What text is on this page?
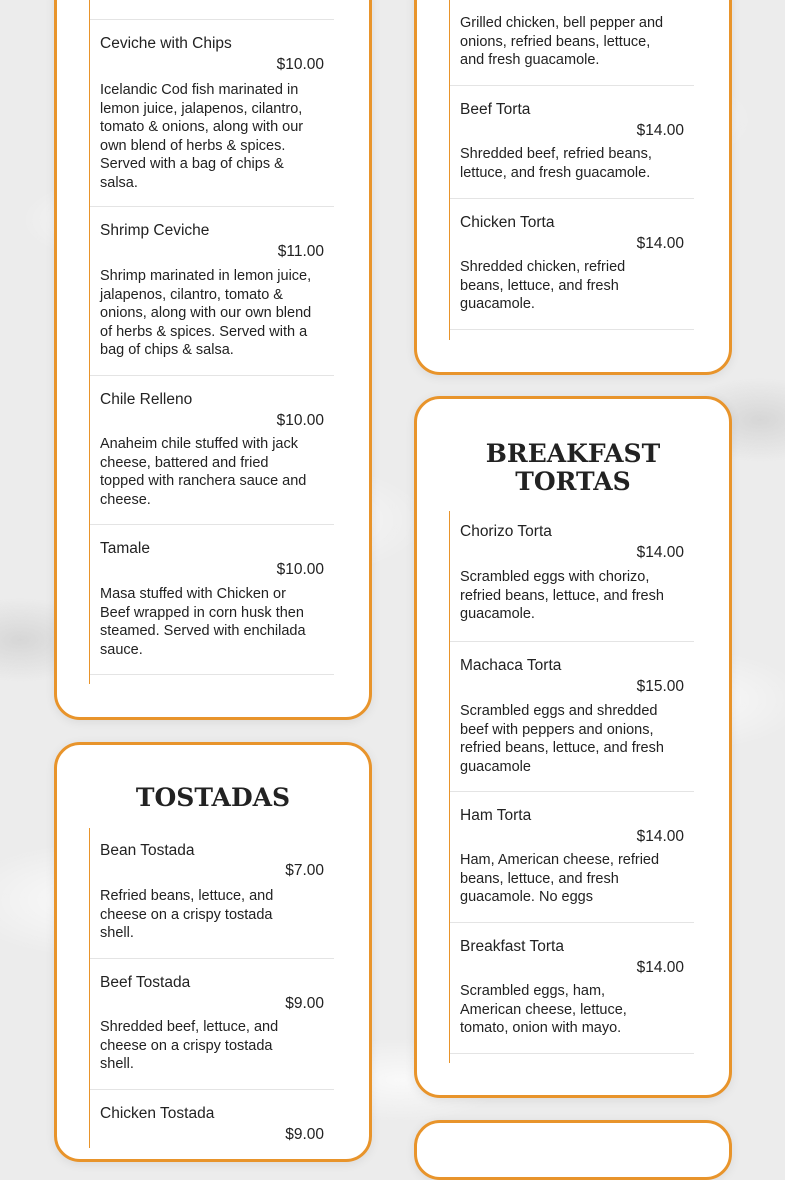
Ceviche with Chips
$10.00
Icelandic Cod fish marinated in lemon juice, jalapenos, cilantro, tomato & onions, along with our own blend of herbs & spices. Served with a bag of chips & salsa.
Shrimp Ceviche
$11.00
Shrimp marinated in lemon juice, jalapenos, cilantro, tomato & onions, along with our own blend of herbs & spices. Served with a bag of chips & salsa.
Chile Relleno
$10.00
Anaheim chile stuffed with jack cheese, battered and fried topped with ranchera sauce and cheese.
Tamale
$10.00
Masa stuffed with Chicken or Beef wrapped in corn husk then steamed. Served with enchilada sauce.
Grilled chicken, bell pepper and onions, refried beans, lettuce, and fresh guacamole.
Beef Torta
$14.00
Shredded beef, refried beans, lettuce, and fresh guacamole.
Chicken Torta
$14.00
Shredded chicken, refried beans, lettuce, and fresh guacamole.
TOSTADAS
Bean Tostada
$7.00
Refried beans, lettuce, and cheese on a crispy tostada shell.
Beef Tostada
$9.00
Shredded beef, lettuce, and cheese on a crispy tostada shell.
Chicken Tostada
$9.00
BREAKFAST
TORTAS
Chorizo Torta
$14.00
Scrambled eggs with chorizo, refried beans, lettuce, and fresh guacamole.
Machaca Torta
$15.00
Scrambled eggs and shredded beef with peppers and onions, refried beans, lettuce, and fresh guacamole
Ham Torta
$14.00
Ham, American cheese, refried beans, lettuce, and fresh guacamole. No eggs
Breakfast Torta
$14.00
Scrambled eggs, ham, American cheese, lettuce, tomato, onion with mayo.
